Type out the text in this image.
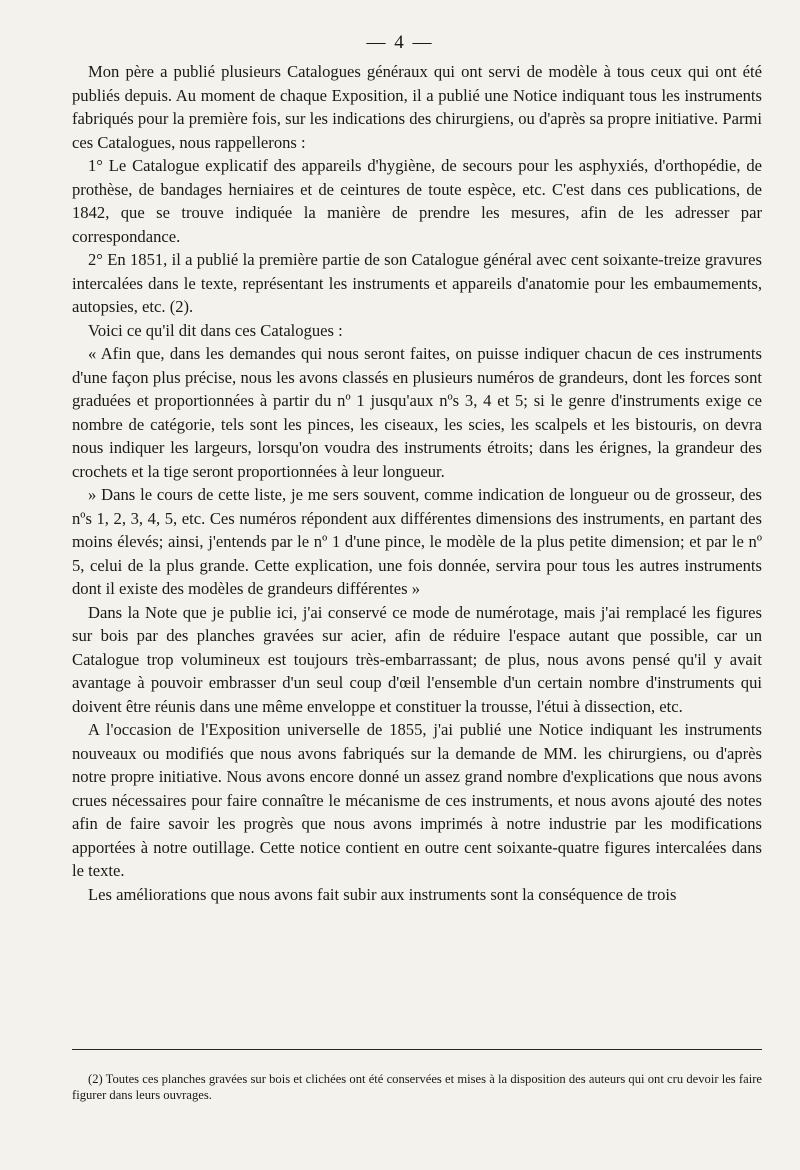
— 4 —

Mon père a publié plusieurs Catalogues généraux qui ont servi de modèle à tous ceux qui ont été publiés depuis. Au moment de chaque Exposition, il a publié une Notice indiquant tous les instruments fabriqués pour la première fois, sur les indications des chirurgiens, ou d'après sa propre initiative. Parmi ces Catalogues, nous rappellerons :

1° Le Catalogue explicatif des appareils d'hygiène, de secours pour les asphyxiés, d'orthopédie, de prothèse, de bandages herniaires et de ceintures de toute espèce, etc. C'est dans ces publications, de 1842, que se trouve indiquée la manière de prendre les mesures, afin de les adresser par correspondance.

2° En 1851, il a publié la première partie de son Catalogue général avec cent soixante-treize gravures intercalées dans le texte, représentant les instruments et appareils d'anatomie pour les embaumements, autopsies, etc. (2).

Voici ce qu'il dit dans ces Catalogues :

« Afin que, dans les demandes qui nous seront faites, on puisse indiquer chacun de ces instruments d'une façon plus précise, nous les avons classés en plusieurs numéros de grandeurs, dont les forces sont graduées et proportionnées à partir du nº 1 jusqu'aux nºs 3, 4 et 5; si le genre d'instruments exige ce nombre de catégorie, tels sont les pinces, les ciseaux, les scies, les scalpels et les bistouris, on devra nous indiquer les largeurs, lorsqu'on voudra des instruments étroits; dans les érignes, la grandeur des crochets et la tige seront proportionnées à leur longueur.

» Dans le cours de cette liste, je me sers souvent, comme indication de longueur ou de grosseur, des nºs 1, 2, 3, 4, 5, etc. Ces numéros répondent aux différentes dimensions des instruments, en partant des moins élevés; ainsi, j'entends par le nº 1 d'une pince, le modèle de la plus petite dimension; et par le nº 5, celui de la plus grande. Cette explication, une fois donnée, servira pour tous les autres instruments dont il existe des modèles de grandeurs différentes »

Dans la Note que je publie ici, j'ai conservé ce mode de numérotage, mais j'ai remplacé les figures sur bois par des planches gravées sur acier, afin de réduire l'espace autant que possible, car un Catalogue trop volumineux est toujours très-embarrassant; de plus, nous avons pensé qu'il y avait avantage à pouvoir embrasser d'un seul coup d'œil l'ensemble d'un certain nombre d'instruments qui doivent être réunis dans une même enveloppe et constituer la trousse, l'étui à dissection, etc.

A l'occasion de l'Exposition universelle de 1855, j'ai publié une Notice indiquant les instruments nouveaux ou modifiés que nous avons fabriqués sur la demande de MM. les chirurgiens, ou d'après notre propre initiative. Nous avons encore donné un assez grand nombre d'explications que nous avons crues nécessaires pour faire connaître le mécanisme de ces instruments, et nous avons ajouté des notes afin de faire savoir les progrès que nous avons imprimés à notre industrie par les modifications apportées à notre outillage. Cette notice contient en outre cent soixante-quatre figures intercalées dans le texte.

Les améliorations que nous avons fait subir aux instruments sont la conséquence de trois

(2) Toutes ces planches gravées sur bois et clichées ont été conservées et mises à la disposition des auteurs qui ont cru devoir les faire figurer dans leurs ouvrages.
